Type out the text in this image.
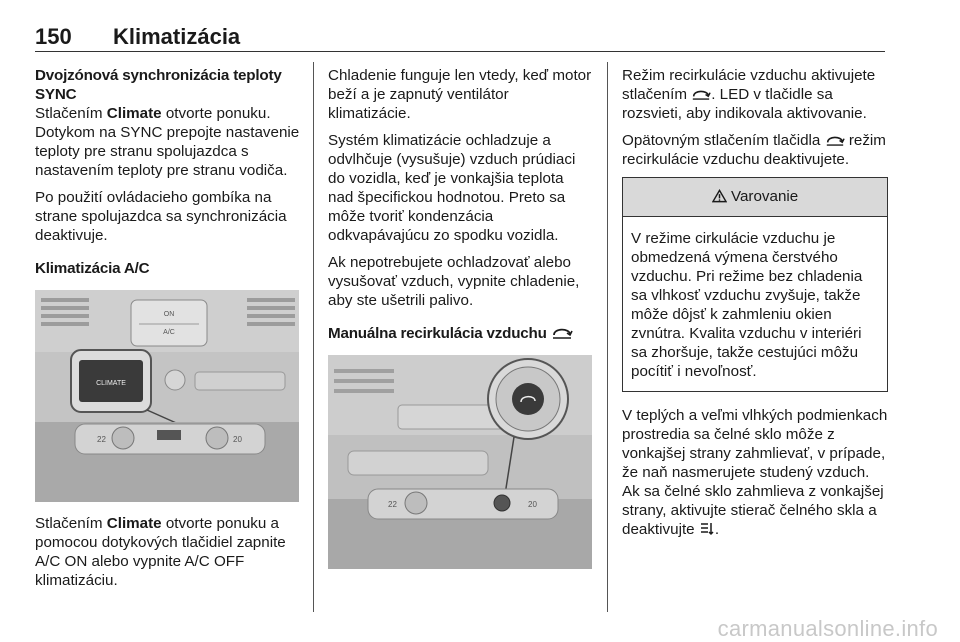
150 Klimatizácia
Dvojzónová synchronizácia teploty SYNC

Stlačením Climate otvorte ponuku. Dotykom na SYNC prepojte nastavenie teploty pre stranu spolujazdca s nastavením teploty pre stranu vodiča.

Po použití ovládacieho gombíka na strane spolujazdca sa synchronizácia deaktivuje.

Klimatizácia A/C
ON
A/C
CLIMATE
22	20

Stlačením Climate otvorte ponuku a pomocou dotykových tlačidiel zapnite A/C ON alebo vypnite A/C OFF klimatizáciu.

Chladenie funguje len vtedy, keď motor beží a je zapnutý ventilátor klimatizácie.

Systém klimatizácie ochladzuje a odvlhčuje (vysušuje) vzduch prúdiaci do vozidla, keď je vonkajšia teplota nad špecifickou hodnotou. Preto sa môže tvoriť kondenzácia odkvapávajúcu zo spodku vozidla.

Ak nepotrebujete ochladzovať alebo vysušovať vzduch, vypnite chladenie, aby ste ušetrili palivo.

Manuálna recirkulácia vzduchu
22	20

Režim recirkulácie vzduchu aktivujete stlačením . LED v tlačidle sa rozsvieti, aby indikovala aktivovanie.

Opätovným stlačením tlačidla  režim recirkulácie vzduchu deaktivujete.

Varovanie
V režime cirkulácie vzduchu je obmedzená výmena čerstvého vzduchu. Pri režime bez chladenia sa vlhkosť vzduchu zvyšuje, takže môže dôjsť k zahmleniu okien zvnútra. Kvalita vzduchu v interiéri sa zhoršuje, takže cestujúci môžu pocítiť i nevoľnosť.

V teplých a veľmi vlhkých podmienkach prostredia sa čelné sklo môže z vonkajšej strany zahmlievať, v prípade, že naň nasmerujete studený vzduch. Ak sa čelné sklo zahmlieva z vonkajšej strany, aktivujte stierač čelného skla a deaktivujte .

carmanualsonline.info
